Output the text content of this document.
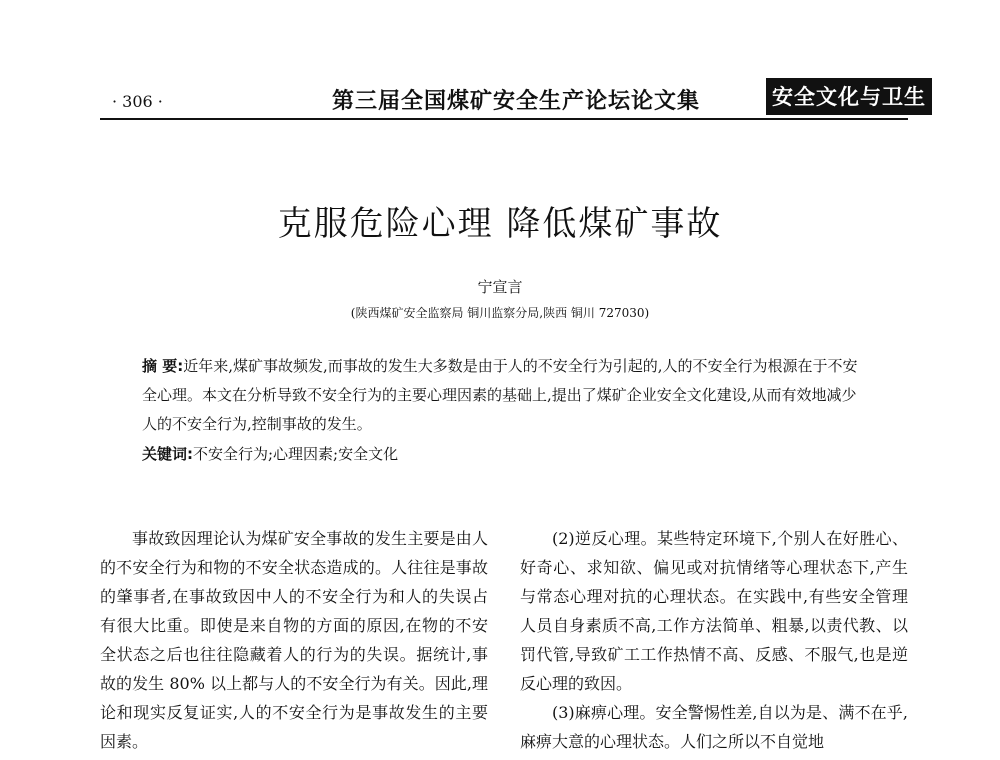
· 306 ·	第三届全国煤矿安全生产论坛论文集	安全文化与卫生
克服危险心理 降低煤矿事故
宁宣言
(陕西煤矿安全监察局 铜川监察分局,陕西 铜川 727030)
摘 要:近年来,煤矿事故频发,而事故的发生大多数是由于人的不安全行为引起的,人的不安全行为根源在于不安全心理。本文在分析导致不安全行为的主要心理因素的基础上,提出了煤矿企业安全文化建设,从而有效地减少人的不安全行为,控制事故的发生。
关键词:不安全行为;心理因素;安全文化

事故致因理论认为煤矿安全事故的发生主要是由人的不安全行为和物的不安全状态造成的。人往往是事故的肇事者,在事故致因中人的不安全行为和人的失误占有很大比重。即使是来自物的方面的原因,在物的不安全状态之后也往往隐藏着人的行为的失误。据统计,事故的发生 80% 以上都与人的不安全行为有关。因此,理论和现实反复证实,人的不安全行为是事故发生的主要因素。

(2)逆反心理。某些特定环境下,个别人在好胜心、好奇心、求知欲、偏见或对抗情绪等心理状态下,产生与常态心理对抗的心理状态。在实践中,有些安全管理人员自身素质不高,工作方法简单、粗暴,以责代教、以罚代管,导致矿工工作热情不高、反感、不服气,也是逆反心理的致因。

(3)麻痹心理。安全警惕性差,自以为是、满不在乎,麻痹大意的心理状态。人们之所以不自觉地
